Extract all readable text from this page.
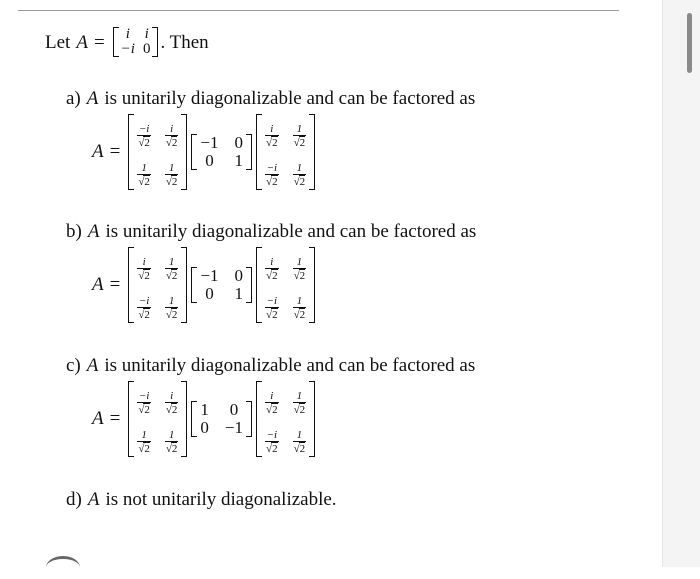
Let A =	i i
−i 0 . Then
a) A is unitarily diagonalizable and can be factored as
A =
$\frac{-i}{√ 2} \frac{i}{√ 2}$
$\frac{1}{√ 2} \frac{1}{√ 2}$
−1 0
0 1
$\frac{i}{√ 2} \frac{1}{√ 2}$
$\frac{-i}{√ 2} \frac{1}{√ 2}$
b) A is unitarily diagonalizable and can be factored as
A =
$\frac{i}{√ 2} \frac{1}{√ 2}$
$\frac{-i}{√ 2} \frac{1}{√ 2}$
−1 0
0 1
$\frac{i}{√ 2} \frac{1}{√ 2}$
$\frac{-i}{√ 2} \frac{1}{√ 2}$
c) A is unitarily diagonalizable and can be factored as
A =
$\frac{-i}{√ 2} \frac{i}{√ 2}$
$\frac{1}{√ 2} \frac{1}{√ 2}$
1 0
0 −1
$\frac{i}{√ 2} \frac{1}{√ 2}$
$\frac{-i}{√ 2} \frac{1}{√ 2}$
d) A is not unitarily diagonalizable.
